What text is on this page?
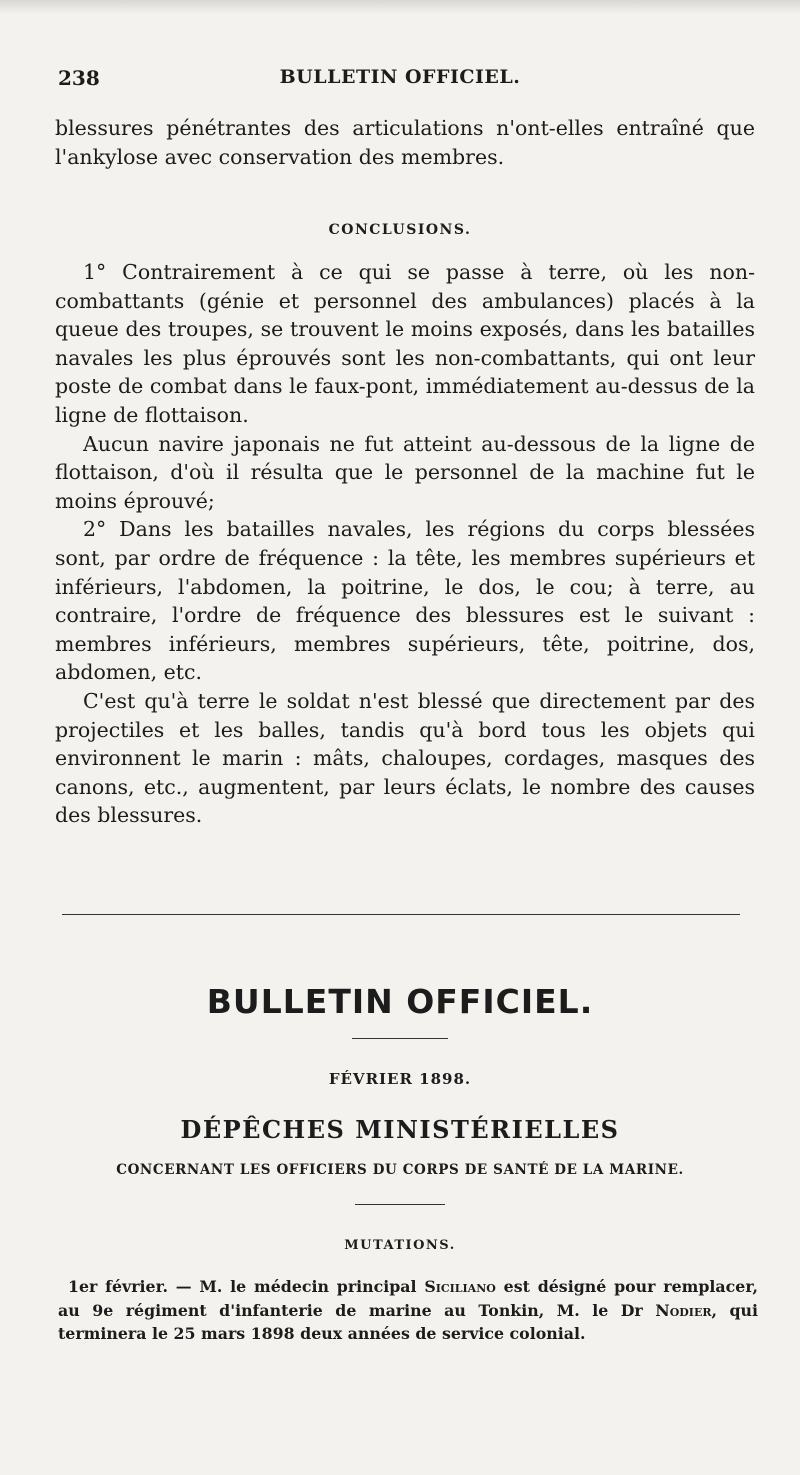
238	BULLETIN OFFICIEL.

blessures pénétrantes des articulations n'ont-elles entraîné que l'ankylose avec conservation des membres.

CONCLUSIONS.

1° Contrairement à ce qui se passe à terre, où les non-combattants (génie et personnel des ambulances) placés à la queue des troupes, se trouvent le moins exposés, dans les batailles navales les plus éprouvés sont les non-combattants, qui ont leur poste de combat dans le faux-pont, immédiatement au-dessus de la ligne de flottaison.

Aucun navire japonais ne fut atteint au-dessous de la ligne de flottaison, d'où il résulta que le personnel de la machine fut le moins éprouvé;

2° Dans les batailles navales, les régions du corps blessées sont, par ordre de fréquence : la tête, les membres supérieurs et inférieurs, l'abdomen, la poitrine, le dos, le cou; à terre, au contraire, l'ordre de fréquence des blessures est le suivant : membres inférieurs, membres supérieurs, tête, poitrine, dos, abdomen, etc.

C'est qu'à terre le soldat n'est blessé que directement par des projectiles et les balles, tandis qu'à bord tous les objets qui environnent le marin : mâts, chaloupes, cordages, masques des canons, etc., augmentent, par leurs éclats, le nombre des causes des blessures.

BULLETIN OFFICIEL.
FÉVRIER 1898.
DÉPÊCHES MINISTÉRIELLES
CONCERNANT LES OFFICIERS DU CORPS DE SANTÉ DE LA MARINE.
MUTATIONS.

1er février. — M. le médecin principal Siciliano est désigné pour remplacer, au 9e régiment d'infanterie de marine au Tonkin, M. le Dr Nodier, qui terminera le 25 mars 1898 deux années de service colonial.
